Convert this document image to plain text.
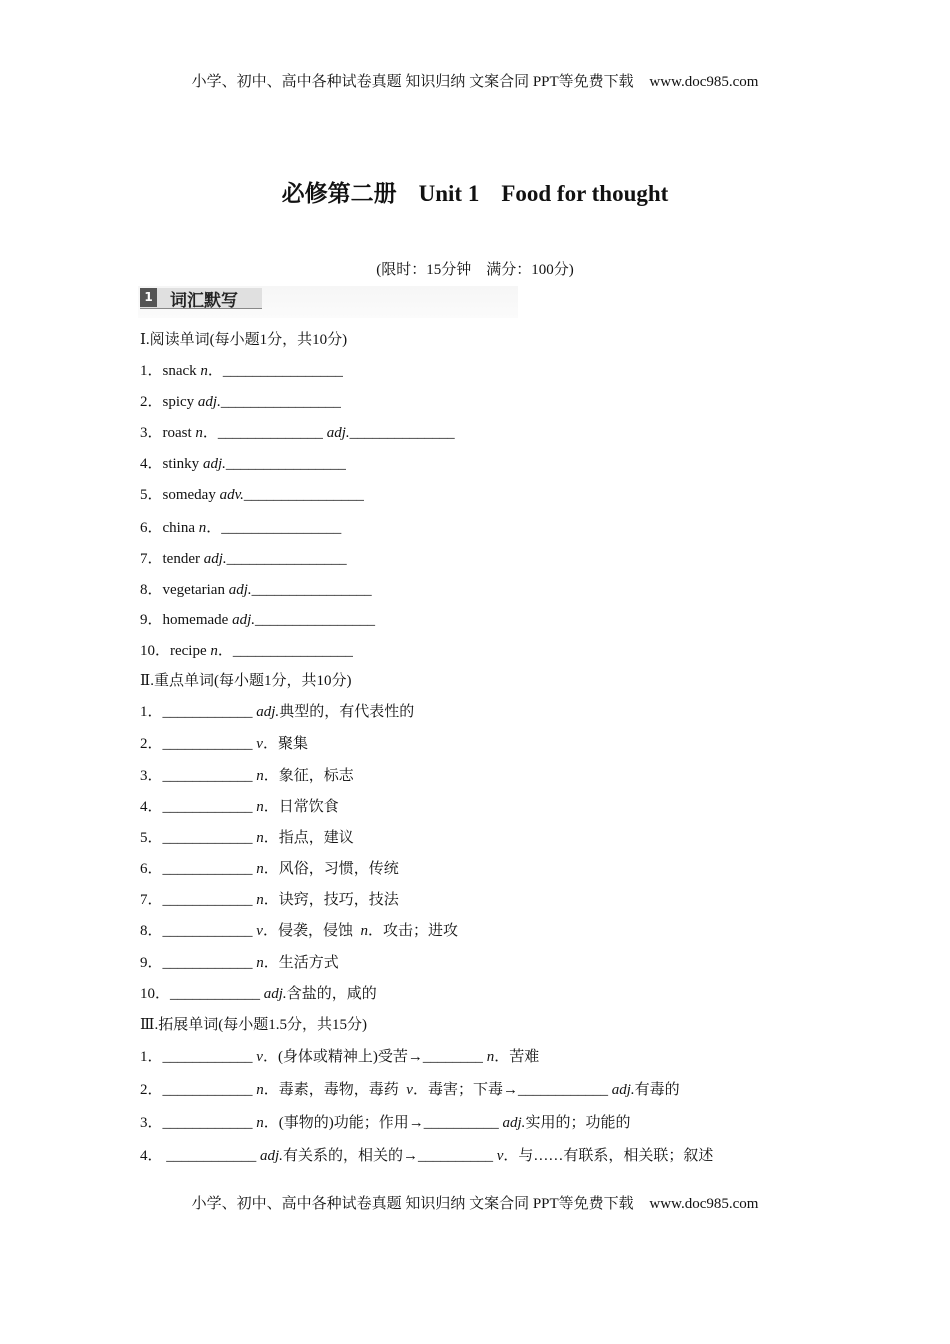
小学、初中、高中各种试卷真题 知识归纳 文案合同 PPT等免费下载 www.doc985.com
必修第二册 Unit 1 Food for thought
(限时：15分钟　满分：100分)
1 词汇默写
Ⅰ.阅读单词(每小题1分，共10分)
1．snack n．________________
2．spicy adj.________________
3．roast n．______________ adj.______________
4．stinky adj.________________
5．someday adv.________________
6．china n．________________
7．tender adj.________________
8．vegetarian adj.________________
9．homemade adj.________________
10．recipe n．________________
Ⅱ.重点单词(每小题1分，共10分)
1．____________ adj.典型的，有代表性的
2．____________ v．聚集
3．____________ n．象征，标志
4．____________ n．日常饮食
5．____________ n．指点，建议
6．____________ n．风俗，习惯，传统
7．____________ n．诀窍，技巧，技法
8．____________ v．侵袭，侵蚀  n．攻击；进攻
9．____________ n．生活方式
10．____________ adj.含盐的，咸的
Ⅲ.拓展单词(每小题1.5分，共15分)
1．____________ v．(身体或精神上)受苦→________ n．苦难
2．____________ n．毒素，毒物，毒药  v．毒害；下毒→____________ adj.有毒的
3．____________ n．(事物的)功能；作用→__________ adj.实用的；功能的
4． ____________ adj.有关系的，相关的→__________ v．与……有联系，相关联；叙述
小学、初中、高中各种试卷真题 知识归纳 文案合同 PPT等免费下载 www.doc985.com
